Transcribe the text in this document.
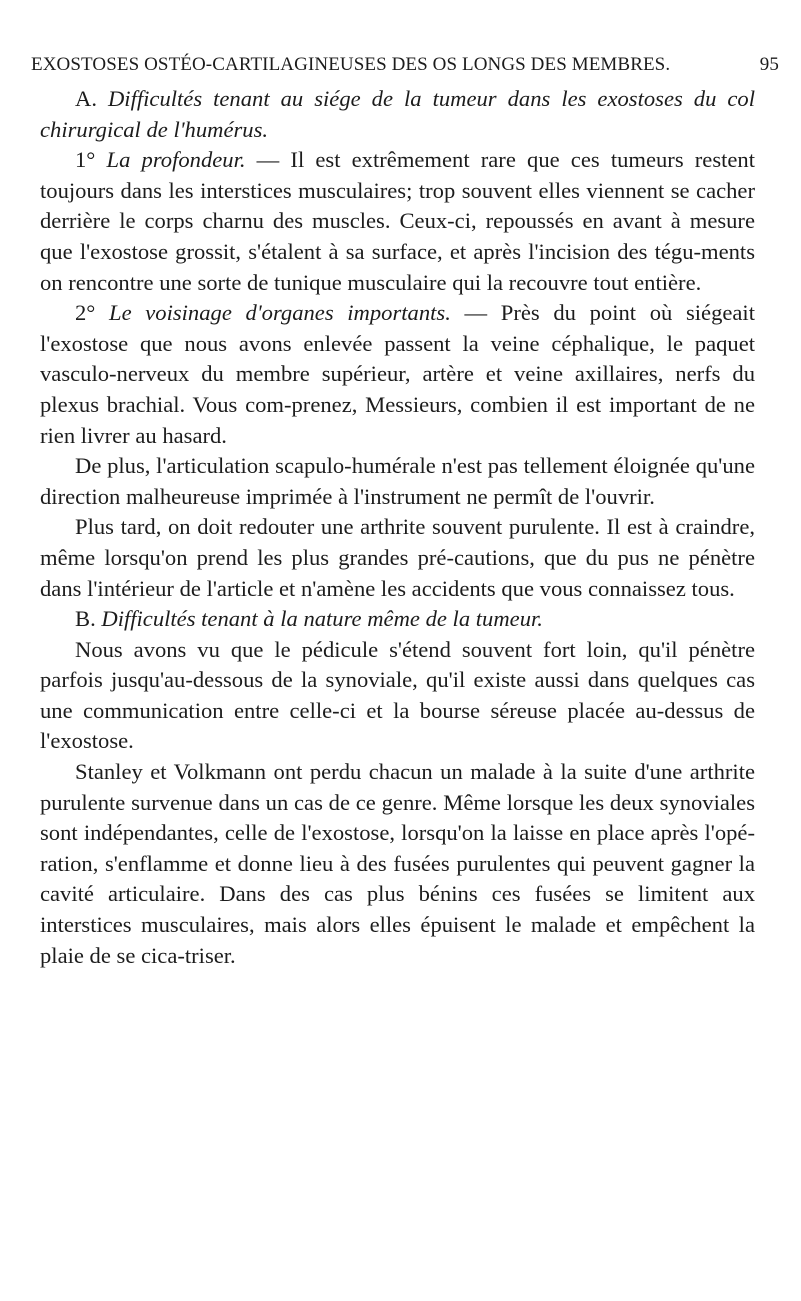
EXOSTOSES OSTÉO-CARTILAGINEUSES DES OS LONGS DES MEMBRES.	95

A. Difficultés tenant au siége de la tumeur dans les exostoses du col chirurgical de l'humérus.

1° La profondeur. — Il est extrêmement rare que ces tumeurs restent toujours dans les interstices musculaires; trop souvent elles viennent se cacher derrière le corps charnu des muscles. Ceux-ci, repoussés en avant à mesure que l'exostose grossit, s'étalent à sa surface, et après l'incision des tégu-ments on rencontre une sorte de tunique musculaire qui la recouvre tout entière.

2° Le voisinage d'organes importants. — Près du point où siégeait l'exostose que nous avons enlevée passent la veine céphalique, le paquet vasculo-nerveux du membre supérieur, artère et veine axillaires, nerfs du plexus brachial. Vous com-prenez, Messieurs, combien il est important de ne rien livrer au hasard.

De plus, l'articulation scapulo-humérale n'est pas tellement éloignée qu'une direction malheureuse imprimée à l'instrument ne permît de l'ouvrir.

Plus tard, on doit redouter une arthrite souvent purulente. Il est à craindre, même lorsqu'on prend les plus grandes pré-cautions, que du pus ne pénètre dans l'intérieur de l'article et n'amène les accidents que vous connaissez tous.

B. Difficultés tenant à la nature même de la tumeur.

Nous avons vu que le pédicule s'étend souvent fort loin, qu'il pénètre parfois jusqu'au-dessous de la synoviale, qu'il existe aussi dans quelques cas une communication entre celle-ci et la bourse séreuse placée au-dessus de l'exostose.

Stanley et Volkmann ont perdu chacun un malade à la suite d'une arthrite purulente survenue dans un cas de ce genre. Même lorsque les deux synoviales sont indépendantes, celle de l'exostose, lorsqu'on la laisse en place après l'opé-ration, s'enflamme et donne lieu à des fusées purulentes qui peuvent gagner la cavité articulaire. Dans des cas plus bénins ces fusées se limitent aux interstices musculaires, mais alors elles épuisent le malade et empêchent la plaie de se cica-triser.
